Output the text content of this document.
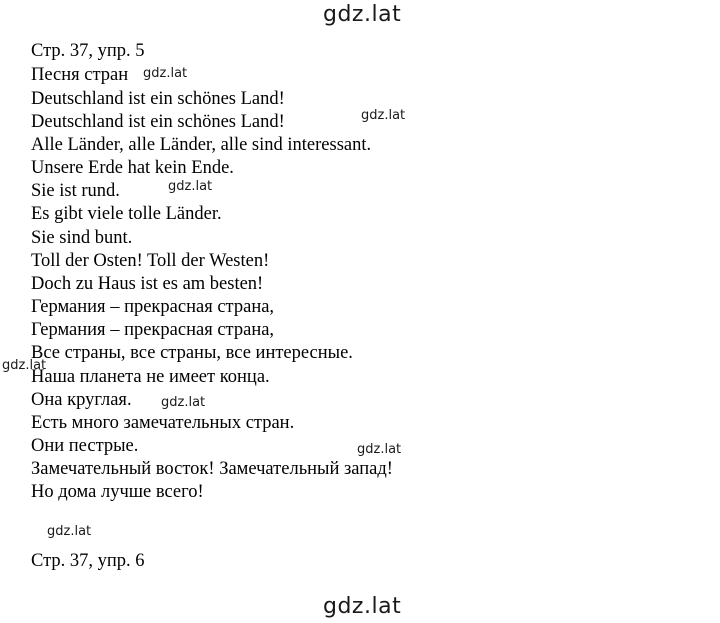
gdz.lat
gdz.lat
gdz.lat
gdz.lat
gdz.lat
gdz.lat
gdz.lat
gdz.lat
gdz.lat
Стр. 37, упр. 5
Песня стран
Deutschland ist ein schönes Land!
Deutschland ist ein schönes Land!
Alle Länder, alle Länder, alle sind interessant.
Unsere Erde hat kein Ende.
Sie ist rund.
Es gibt viele tolle Länder.
Sie sind bunt.
Toll der Osten! Toll der Westen!
Doch zu Haus ist es am besten!
Германия – прекрасная страна,
Германия – прекрасная страна,
Все страны, все страны, все интересные.
Наша планета не имеет конца.
Она круглая.
Есть много замечательных стран.
Они пестрые.
Замечательный восток! Замечательный запад!
Но дома лучше всего!
Стр. 37, упр. 6
